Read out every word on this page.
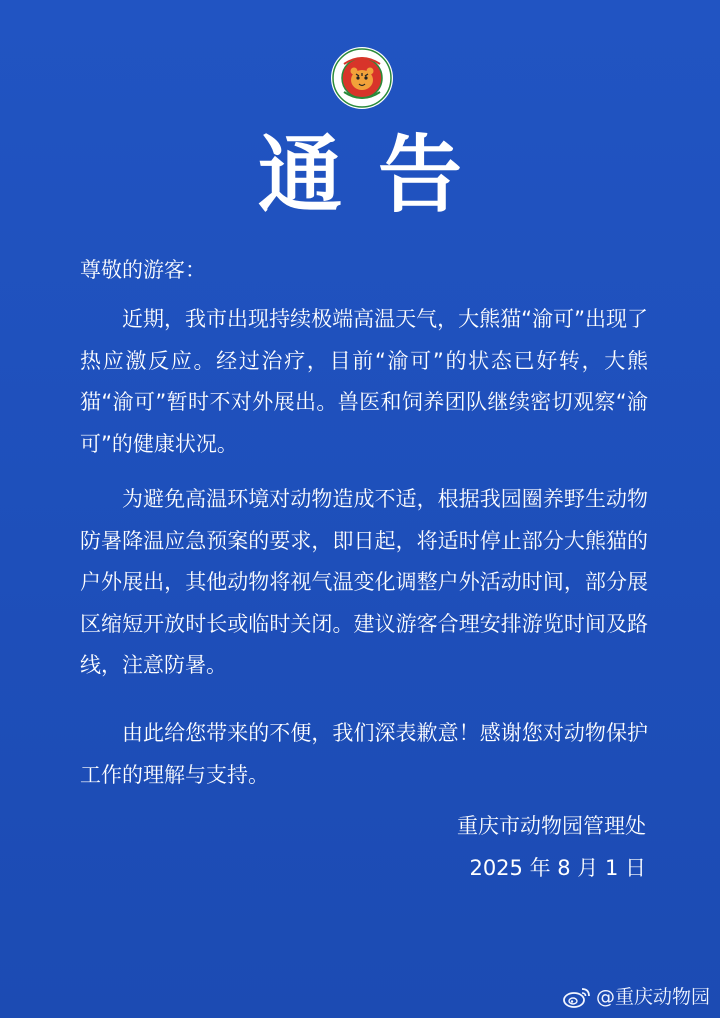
通告

尊敬的游客：

近期，我市出现持续极端高温天气，大熊猫“渝可”出现了热应激反应。经过治疗，目前“渝可”的状态已好转，大熊猫“渝可”暂时不对外展出。兽医和饲养团队继续密切观察“渝可”的健康状况。

为避免高温环境对动物造成不适，根据我园圈养野生动物防暑降温应急预案的要求，即日起，将适时停止部分大熊猫的户外展出，其他动物将视气温变化调整户外活动时间，部分展区缩短开放时长或临时关闭。建议游客合理安排游览时间及路线，注意防暑。

由此给您带来的不便，我们深表歉意！感谢您对动物保护工作的理解与支持。

重庆市动物园管理处

2025 年 8 月 1 日

@重庆动物园
